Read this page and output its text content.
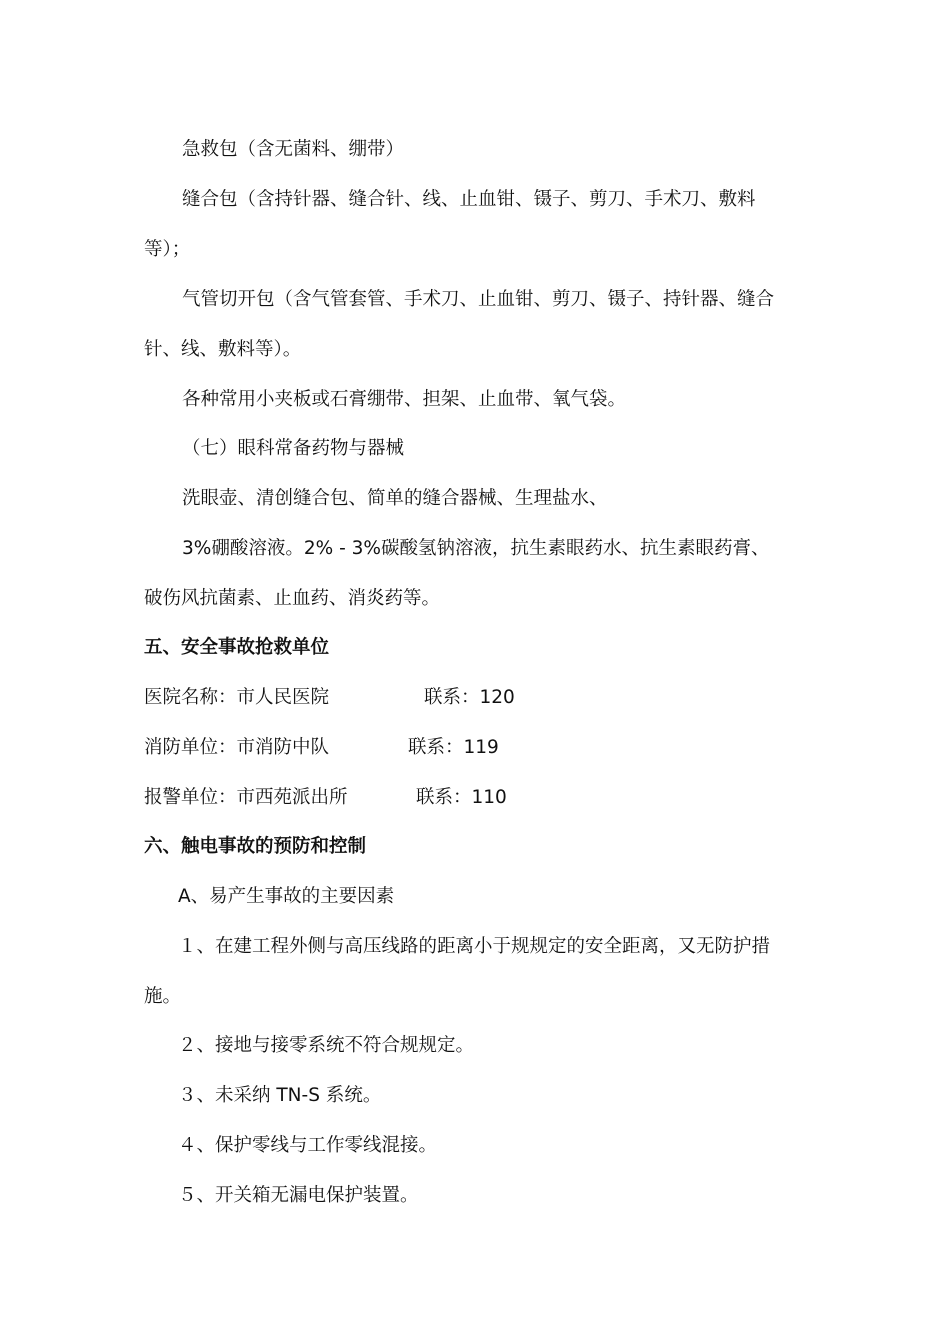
急救包（含无菌料、绷带）
缝合包（含持针器、缝合针、线、止血钳、镊子、剪刀、手术刀、敷料
等）；
气管切开包（含气管套管、手术刀、止血钳、剪刀、镊子、持针器、缝合
针、线、敷料等）。
各种常用小夹板或石膏绷带、担架、止血带、氧气袋。
（七）眼科常备药物与器械
洗眼壶、清创缝合包、简单的缝合器械、生理盐水、
3%硼酸溶液。2% - 3%碳酸氢钠溶液，抗生素眼药水、抗生素眼药膏、
破伤风抗菌素、止血药、消炎药等。
五、安全事故抢救单位
医院名称：市人民医院	联系：120
消防单位：市消防中队	联系：119
报警单位：市西苑派出所	联系：110
六、触电事故的预防和控制
A、易产生事故的主要因素
１、在建工程外侧与高压线路的距离小于规规定的安全距离，又无防护措
施。
２、接地与接零系统不符合规规定。
３、未采纳 TN-S 系统。
４、保护零线与工作零线混接。
５、开关箱无漏电保护装置。
